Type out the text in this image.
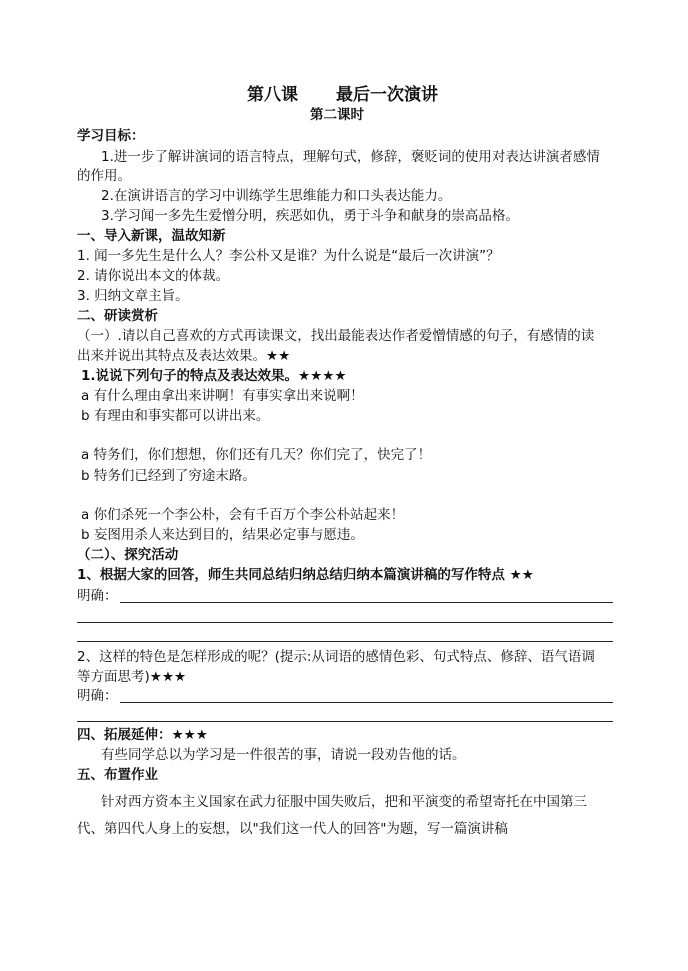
第八课 最后一次演讲
第二课时
学习目标：
1.进一步了解讲演词的语言特点，理解句式，修辞，褒贬词的使用对表达讲演者感情
的作用。
2.在演讲语言的学习中训练学生思维能力和口头表达能力。
3.学习闻一多先生爱憎分明，疾恶如仇，勇于斗争和献身的崇高品格。
一、导入新课，温故知新
1. 闻一多先生是什么人？李公朴又是谁？为什么说是“最后一次讲演”？
2. 请你说出本文的体裁。
3. 归纳文章主旨。
二、研读赏析
（一）.请以自己喜欢的方式再读课文，找出最能表达作者爱憎情感的句子，有感情的读
出来并说出其特点及表达效果。★★
1.说说下列句子的特点及表达效果。★★★★
a 有什么理由拿出来讲啊！有事实拿出来说啊！
b 有理由和事实都可以讲出来。
a 特务们，你们想想，你们还有几天？你们完了，快完了！
b 特务们已经到了穷途末路。
a 你们杀死一个李公朴，会有千百万个李公朴站起来！
b 妄图用杀人来达到目的，结果必定事与愿违。
（二）、探究活动
1、根据大家的回答，师生共同总结归纳总结归纳本篇演讲稿的写作特点 ★★
明确：
2、这样的特色是怎样形成的呢？(提示:从词语的感情色彩、句式特点、修辞、语气语调
等方面思考)★★★
明确：
四、拓展延伸：★★★
有些同学总以为学习是一件很苦的事，请说一段劝告他的话。
五、布置作业
针对西方资本主义国家在武力征服中国失败后，把和平演变的希望寄托在中国第三
代、第四代人身上的妄想，以"我们这一代人的回答"为题，写一篇演讲稿
